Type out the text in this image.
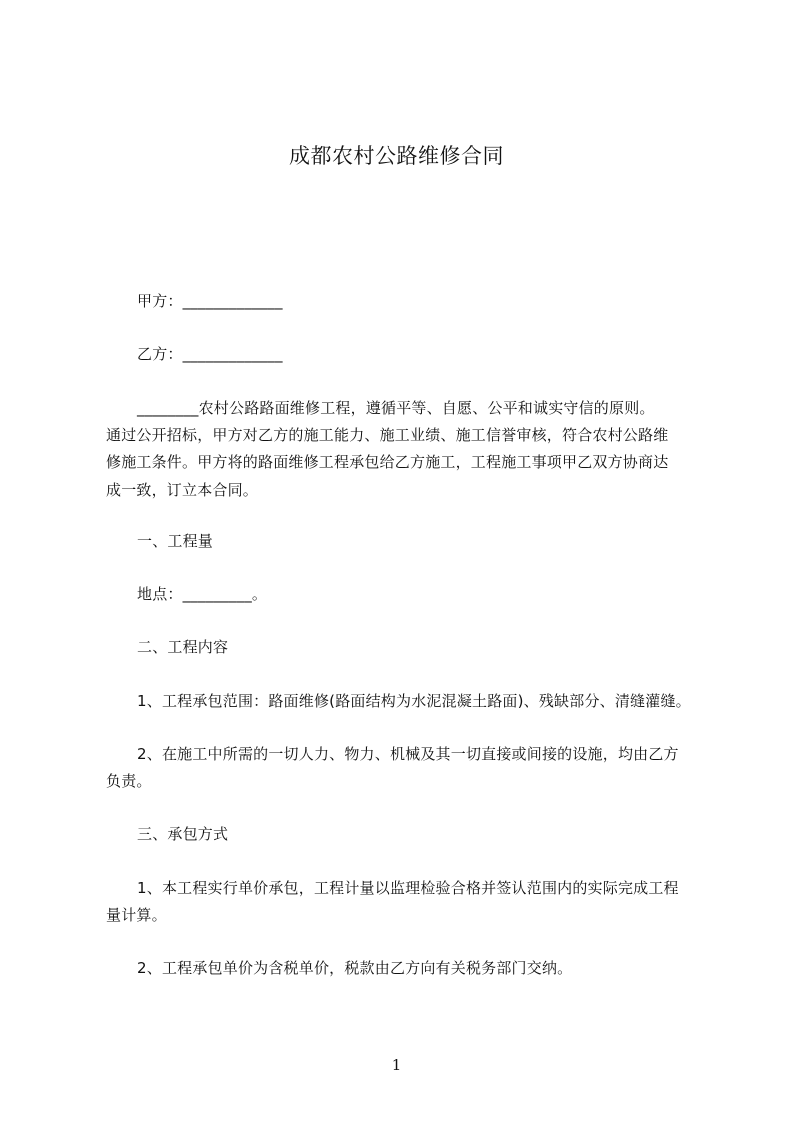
成都农村公路维修合同
甲方：_____________
乙方：_____________
________农村公路路面维修工程，遵循平等、自愿、公平和诚实守信的原则。
通过公开招标，甲方对乙方的施工能力、施工业绩、施工信誉审核，符合农村公路维
修施工条件。甲方将的路面维修工程承包给乙方施工，工程施工事项甲乙双方协商达
成一致，订立本合同。
一、工程量
地点：_________。
二、工程内容
1、工程承包范围：路面维修(路面结构为水泥混凝土路面)、残缺部分、清缝灌缝。
2、在施工中所需的一切人力、物力、机械及其一切直接或间接的设施，均由乙方
负责。
三、承包方式
1、本工程实行单价承包，工程计量以监理检验合格并签认范围内的实际完成工程
量计算。
2、工程承包单价为含税单价，税款由乙方向有关税务部门交纳。
1
